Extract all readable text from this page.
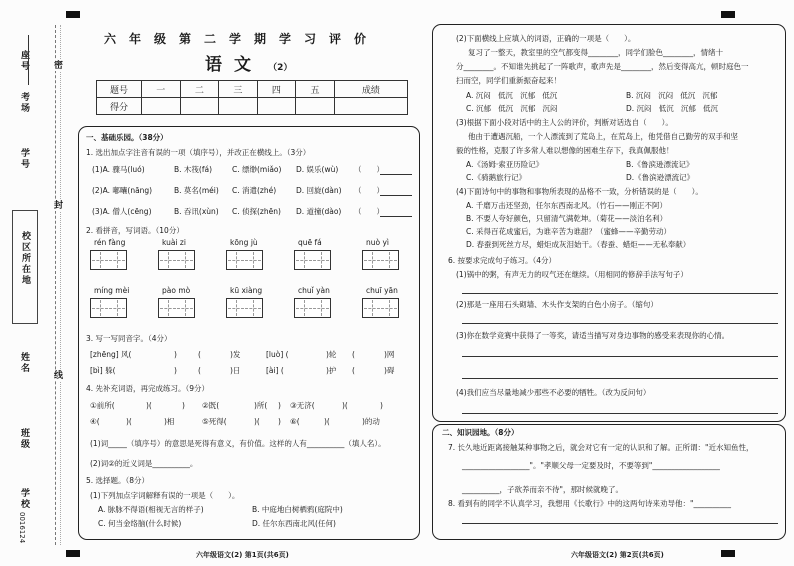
座号
考场
学号
校区所在地
姓名
班级
学校
0016124
密
封
线
六年级第二学期学习评价
语文 （2）
题号	一	二	三	四	五	成绩
得分						
一、基础乐园。（38分）
1. 选出加点字注音有误的一项（填序号），并改正在横线上。（3分）
(1)A. 骤马(luó)	B. 木筏(fá)	C. 缥缈(miǎo) D. 娱乐(wù) （　　）
(2)A. 嘟囔(nāng)	B. 莫名(méi) C. 消遣(zhé)	D. 回旋(dàn) （　　）
(3)A. 僧人(cēng)	B. 吞讯(xùn) C. 侦探(zhēn) D. 道撞(dào) （　　）
2. 看拼音，写词语。（10分）
rén fàng	kuài zi	kōng jù	quē fá	nuò yì
míng mèi	pào mò	kū xiàng	chuǐ yàn	chuī yān
3. 写一写同音字。（4分）
[zhēng] 风(	)	(	)发	[luò] (	)轮 (	)网
[bì] 躲(	)	(	)日	[ài] (	)护 (	)碍
4. 先补充词语，再完成练习。（9分）
①前所(	)(	) ②既(	)所( ) ③无济(	)(	)
④(	)(	)相	⑤死得(	)( ) ⑥(	)(	)的动
(1)词_____（填序号）的意思是死得有意义，有价值。这样的人有__________（填人名）。
(2)词②的近义词是__________。
5. 选择题。（8分）
(1)下列加点字词解释有误的一项是（　　）。
A. 脉脉不得语(相视无言的样子)	B. 中庭地白树栖鸦(庭院中)
C. 何当金络脑(什么时候)	D. 任尔东西南北风(任何)
(2)下面横线上应填入的词语，正确的一项是（　　）。
复习了一整天，教室里的空气都变得________，同学们脸色________，情绪十
分________。不知谁先挑起了一阵歌声，歌声先是________，然后变得高亢，顿时庭色一
扫而空，同学们重新振奋起来！
A. 沉闷 低沉 沉郁 低沉	B. 沉闷 沉闷 低沉 沉郁
C. 沉郁 低沉 沉郁 沉闷	D. 沉闷 低沉 沉郁 低沉
(3)根据下面小段对话中的主人公的评价，判断对话选自（　　）。
他由于遭遇沉船，一个人漂流到了荒岛上，在荒岛上，他凭借自己勤劳的双手和坚
毅的性格，克服了许多常人难以想像的困难生存下，我真佩服他！
A.《汤姆·索亚历险记》	B.《鲁滨逊漂流记》
C.《骑鹅旅行记》	D.《鲁滨逊漂流记》
(4)下面诗句中的事物和事物所表现的品格不一致，分析错误的是（　　）。
A. 千磨万击还坚劲，任尔东西南北风。（竹石——刚正不阿）
B. 不要人夸好颜色，只留清气满乾坤。（菊花——淡泊名利）
C. 采得百花成蜜后，为谁辛苦为谁甜？（蜜蜂——辛勤劳动）
D. 春蚕到死丝方尽，蜡炬成灰泪始干。（春蚕、蜡炬——无私奉献）
6. 按要求完成句子练习。（4分）
(1)锅中的粥，有声无力的叹气还在继续。（用相同的修辞手法写句子）
(2)那是一座用石头砌墙、木头作支架的白色小房子。（缩句）
(3)你在数学竞赛中获得了一等奖，请适当描写对身边事物的感受来表现你的心情。
(4)我们应当尽量地减少那些不必要的牺牲。（改为反问句）
二、知识园地。（8分）
7. 长久地近距离接触某种事物之后，就会对它有一定的认识和了解。正所谓："近水知鱼性，
__________________"。"孝顺父母一定要及时，不要等到"__________________
__________，子欲养而亲不待"，那时候就晚了。
8. 看到有的同学不认真学习，我想用《长歌行》中的这两句诗来劝导他："__________
六年级语文(2) 第1页(共6页)	六年级语文(2) 第2页(共6页)
